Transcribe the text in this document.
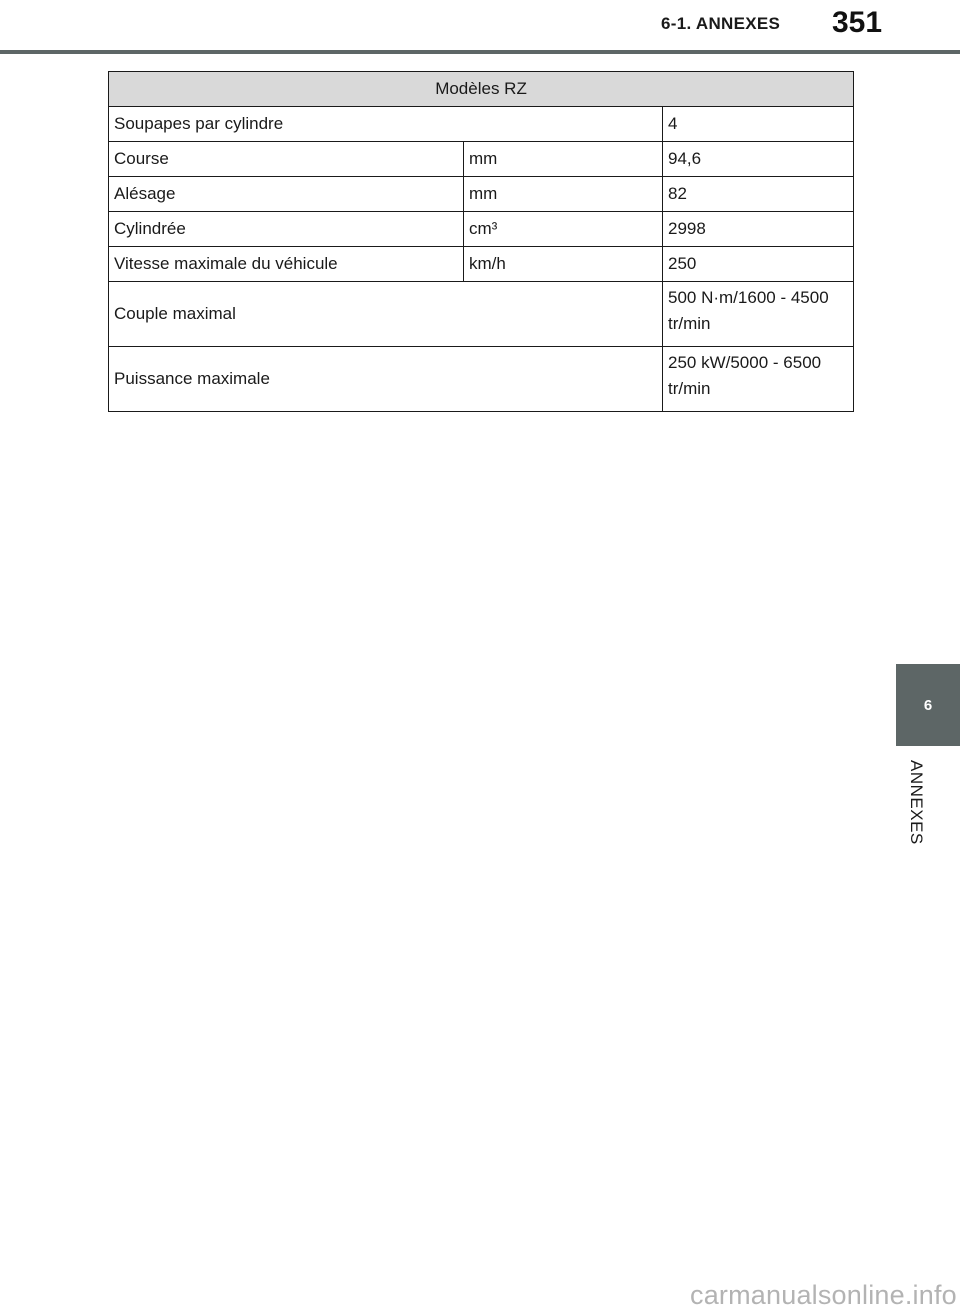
6-1. ANNEXES 351
Modèles RZ		
Soupapes par cylindre		4
Course	mm	94,6
Alésage	mm	82
Cylindrée	cm³	2998
Vitesse maximale du véhicule	km/h	250
Couple maximal		500 N·m/1600 - 4500
tr/min

Puissance maximale		250 kW/5000 - 6500
tr/min
6
ANNEXES
carmanualsonline.info
